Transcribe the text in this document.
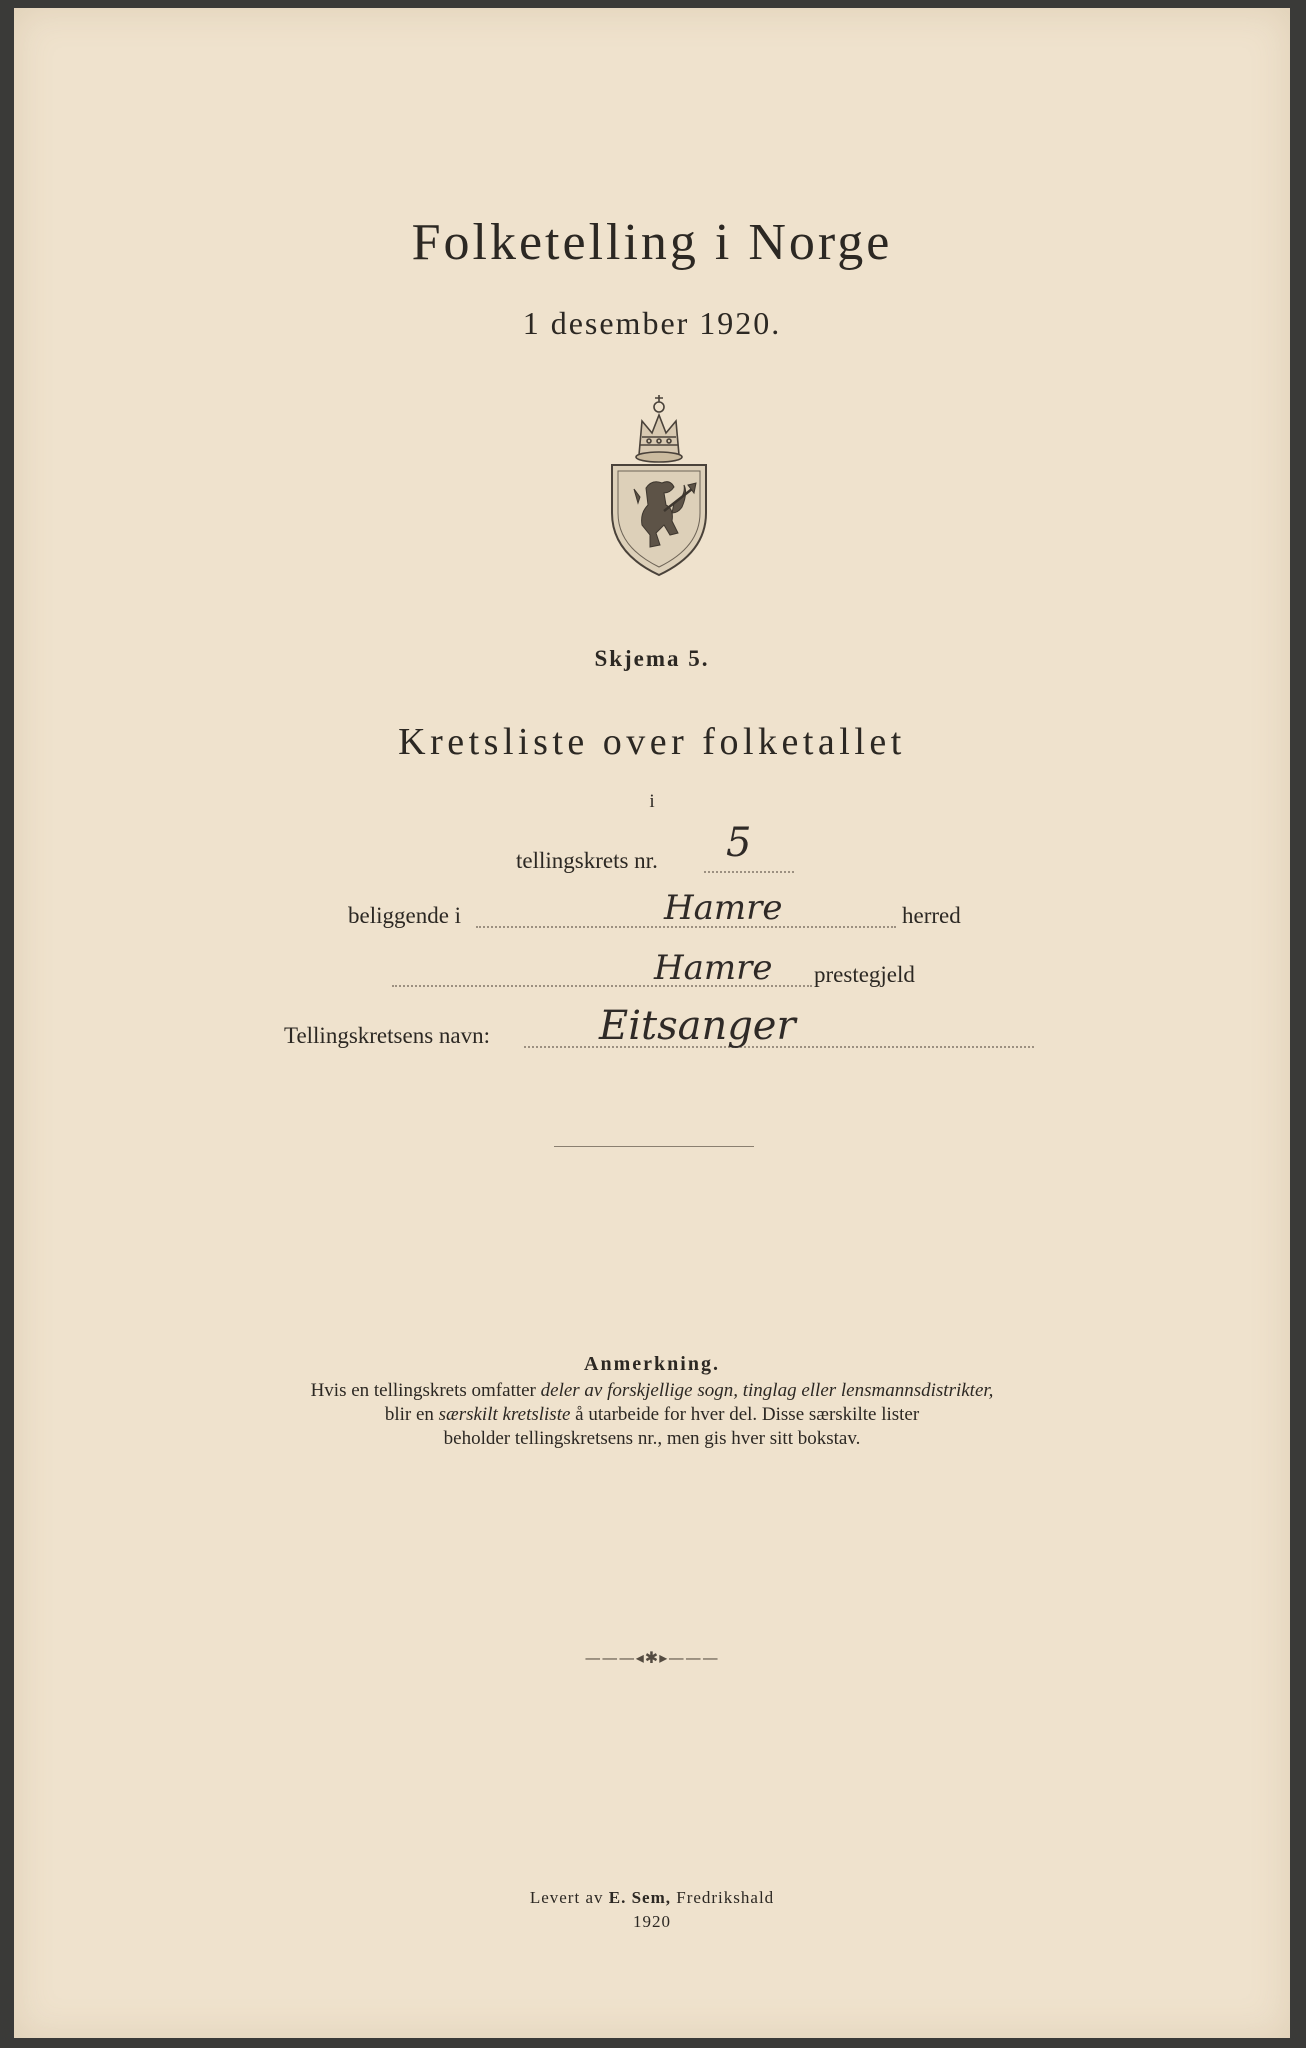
Folketelling i Norge
1 desember 1920.
Skjema 5.
Kretsliste over folketallet
i
tellingskrets nr. 5
beliggende i	Hamre	herred
Hamre prestegjeld
Tellingskretsens navn:	Eitsanger
Anmerkning.
Hvis en tellingskrets omfatter deler av forskjellige sogn, tinglag eller lensmannsdistrikter,
blir en særskilt kretsliste å utarbeide for hver del. Disse særskilte lister
beholder tellingskretsens nr., men gis hver sitt bokstav.
———◂✱▸———
Levert av E. Sem, Fredrikshald
1920
